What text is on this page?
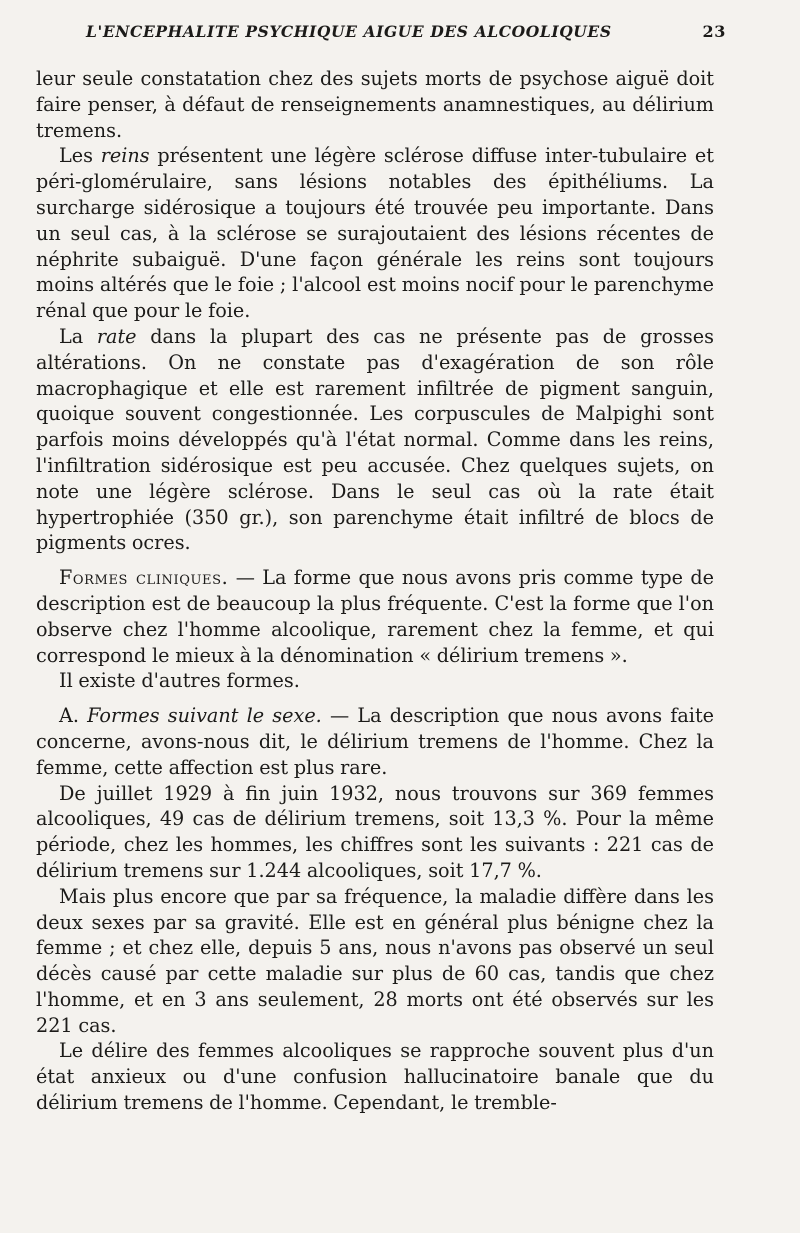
L'ENCEPHALITE PSYCHIQUE AIGUE DES ALCOOLIQUES	23

leur seule constatation chez des sujets morts de psychose aiguë doit faire penser, à défaut de renseignements anamnestiques, au délirium tremens.

Les reins présentent une légère sclérose diffuse inter-tubulaire et péri-glomérulaire, sans lésions notables des épithéliums. La surcharge sidérosique a toujours été trouvée peu importante. Dans un seul cas, à la sclérose se surajoutaient des lésions récentes de néphrite subaiguë. D'une façon générale les reins sont toujours moins altérés que le foie ; l'alcool est moins nocif pour le parenchyme rénal que pour le foie.

La rate dans la plupart des cas ne présente pas de grosses altérations. On ne constate pas d'exagération de son rôle macrophagique et elle est rarement infiltrée de pigment sanguin, quoique souvent congestionnée. Les corpuscules de Malpighi sont parfois moins développés qu'à l'état normal. Comme dans les reins, l'infiltration sidérosique est peu accusée. Chez quelques sujets, on note une légère sclérose. Dans le seul cas où la rate était hypertrophiée (350 gr.), son parenchyme était infiltré de blocs de pigments ocres.

Formes cliniques. — La forme que nous avons pris comme type de description est de beaucoup la plus fréquente. C'est la forme que l'on observe chez l'homme alcoolique, rarement chez la femme, et qui correspond le mieux à la dénomination « délirium tremens ».

Il existe d'autres formes.

A. Formes suivant le sexe. — La description que nous avons faite concerne, avons-nous dit, le délirium tremens de l'homme. Chez la femme, cette affection est plus rare.

De juillet 1929 à fin juin 1932, nous trouvons sur 369 femmes alcooliques, 49 cas de délirium tremens, soit 13,3 %. Pour la même période, chez les hommes, les chiffres sont les suivants : 221 cas de délirium tremens sur 1.244 alcooliques, soit 17,7 %.

Mais plus encore que par sa fréquence, la maladie diffère dans les deux sexes par sa gravité. Elle est en général plus bénigne chez la femme ; et chez elle, depuis 5 ans, nous n'avons pas observé un seul décès causé par cette maladie sur plus de 60 cas, tandis que chez l'homme, et en 3 ans seulement, 28 morts ont été observés sur les 221 cas.

Le délire des femmes alcooliques se rapproche souvent plus d'un état anxieux ou d'une confusion hallucinatoire banale que du délirium tremens de l'homme. Cependant, le tremble-
